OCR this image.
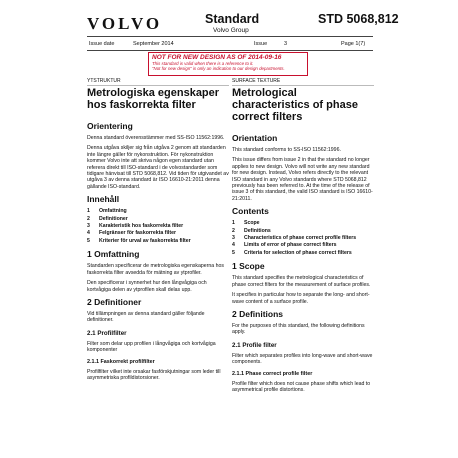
VOLVO	Standard
Volvo Group
STD 5068,812
Issue date	September 2014	Issue	3	Page 1(7)
NOT FOR NEW DESIGN AS OF 2014-09-16
This standard is valid when there is a reference to it.
"Not for new design" is only an indication to our design departments.
YTSTRUKTUR
Metrologiska egenskaper hos faskorrekta filter
Orientering
Denna standard överensstämmer med SS-ISO 11562:1996.
Denna utgåva skiljer sig från utgåva 2 genom att standarden inte längre gäller för nykonstruktion. För nykonstruktion kommer Volvo inte att skriva någon egen standard utan referera direkt till ISO-standard i de volvostandarder som tidigare hänvisat till STD 5068,812. Vid tiden för utgivandet av utgåva 3 av denna standard är ISO 16610-21:2011 denna gällande ISO-standard.
Innehåll
1	Omfattning
2	Definitioner
3	Karakteristik hos faskorrekta filter
4	Felgränser för faskorrekta filter
5	Kriterier för urval av faskorrekta filter
1 Omfattning
Standarden specificerar de metrologiska egenskaperna hos faskorrekta filter avsedda för mätning av ytprofiler.
Den specificerar i synnerhet hur den långvågiga och kortvågiga delen av ytprofilen skall delas upp.
2 Definitioner
Vid tillämpningen av denna standard gäller följande definitioner.
2.1 Profilfilter
Filter som delar upp profilen i långvågiga och kortvågiga komponenter
2.1.1 Faskorrekt profilfilter
Profilfilter vilket inte orsakar fasförskjutningar som leder till asymmetriska profildistorsioner.
SURFACE TEXTURE
Metrological characteristics of phase correct filters
Orientation
This standard conforms to SS-ISO 11562:1996.
This issue differs from issue 2 in that the standard no longer applies to new design. Volvo will not write any new standard for new design. Instead, Volvo refers directly to the relevant ISO standard in any Volvo standards where STD 5068,812 previously has been referred to. At the time of the release of issue 3 of this standard, the valid ISO standard is ISO 16610-21:2011.
Contents
1	Scope
2	Definitions
3	Characteristics of phase correct profile filters
4	Limits of error of phase correct filters
5	Criteria for selection of phase correct filters
1 Scope
This standard specifies the metrological characteristics of phase correct filters for the measurement of surface profiles.
It specifies in particular how to separate the long- and short-wave content of a surface profile.
2 Definitions
For the purposes of this standard, the following definitions apply.
2.1 Profile filter
Filter which separates profiles into long-wave and short-wave components.
2.1.1 Phase correct profile filter
Profile filter which does not cause phase shifts which lead to asymmetrical profile distortions.
